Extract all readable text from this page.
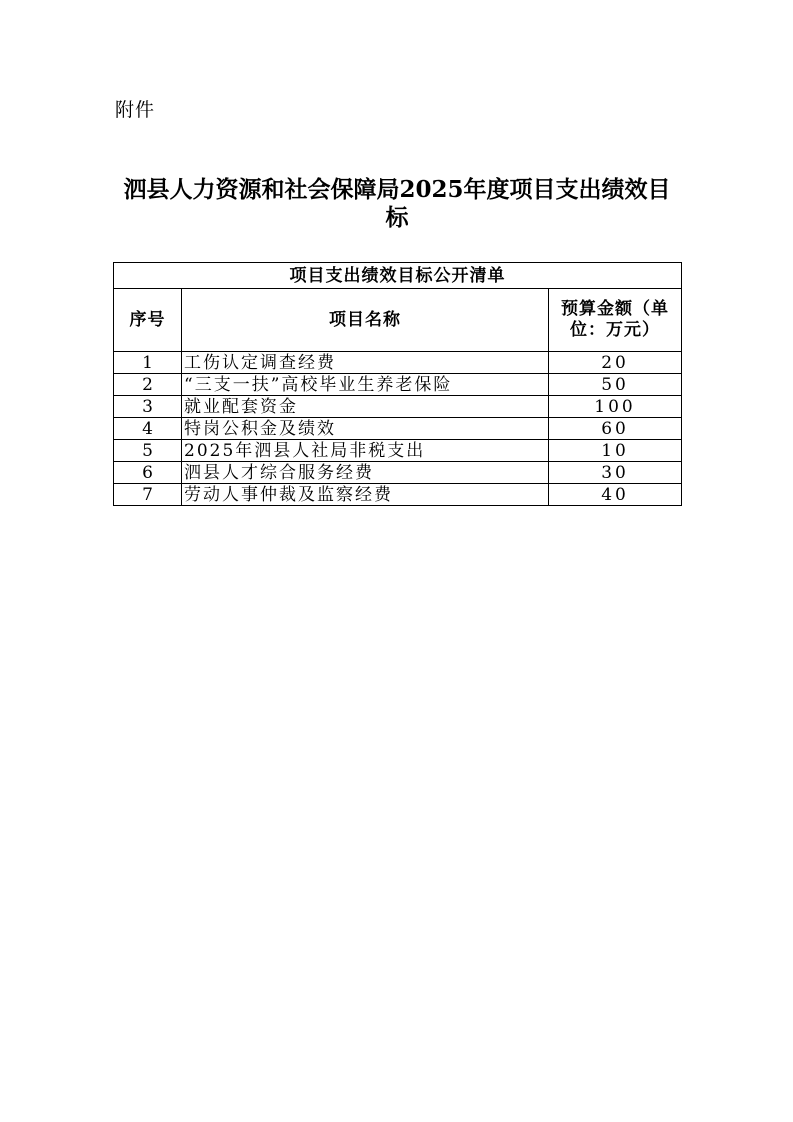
附件
泗县人力资源和社会保障局2025年度项目支出绩效目标
项目支出绩效目标公开清单		
序号	项目名称	预算金额（单位：万元）
1	工伤认定调查经费	20
2	“三支一扶”高校毕业生养老保险	50
3	就业配套资金	100
4	特岗公积金及绩效	60
5	2025年泗县人社局非税支出	10
6	泗县人才综合服务经费	30
7	劳动人事仲裁及监察经费	40
